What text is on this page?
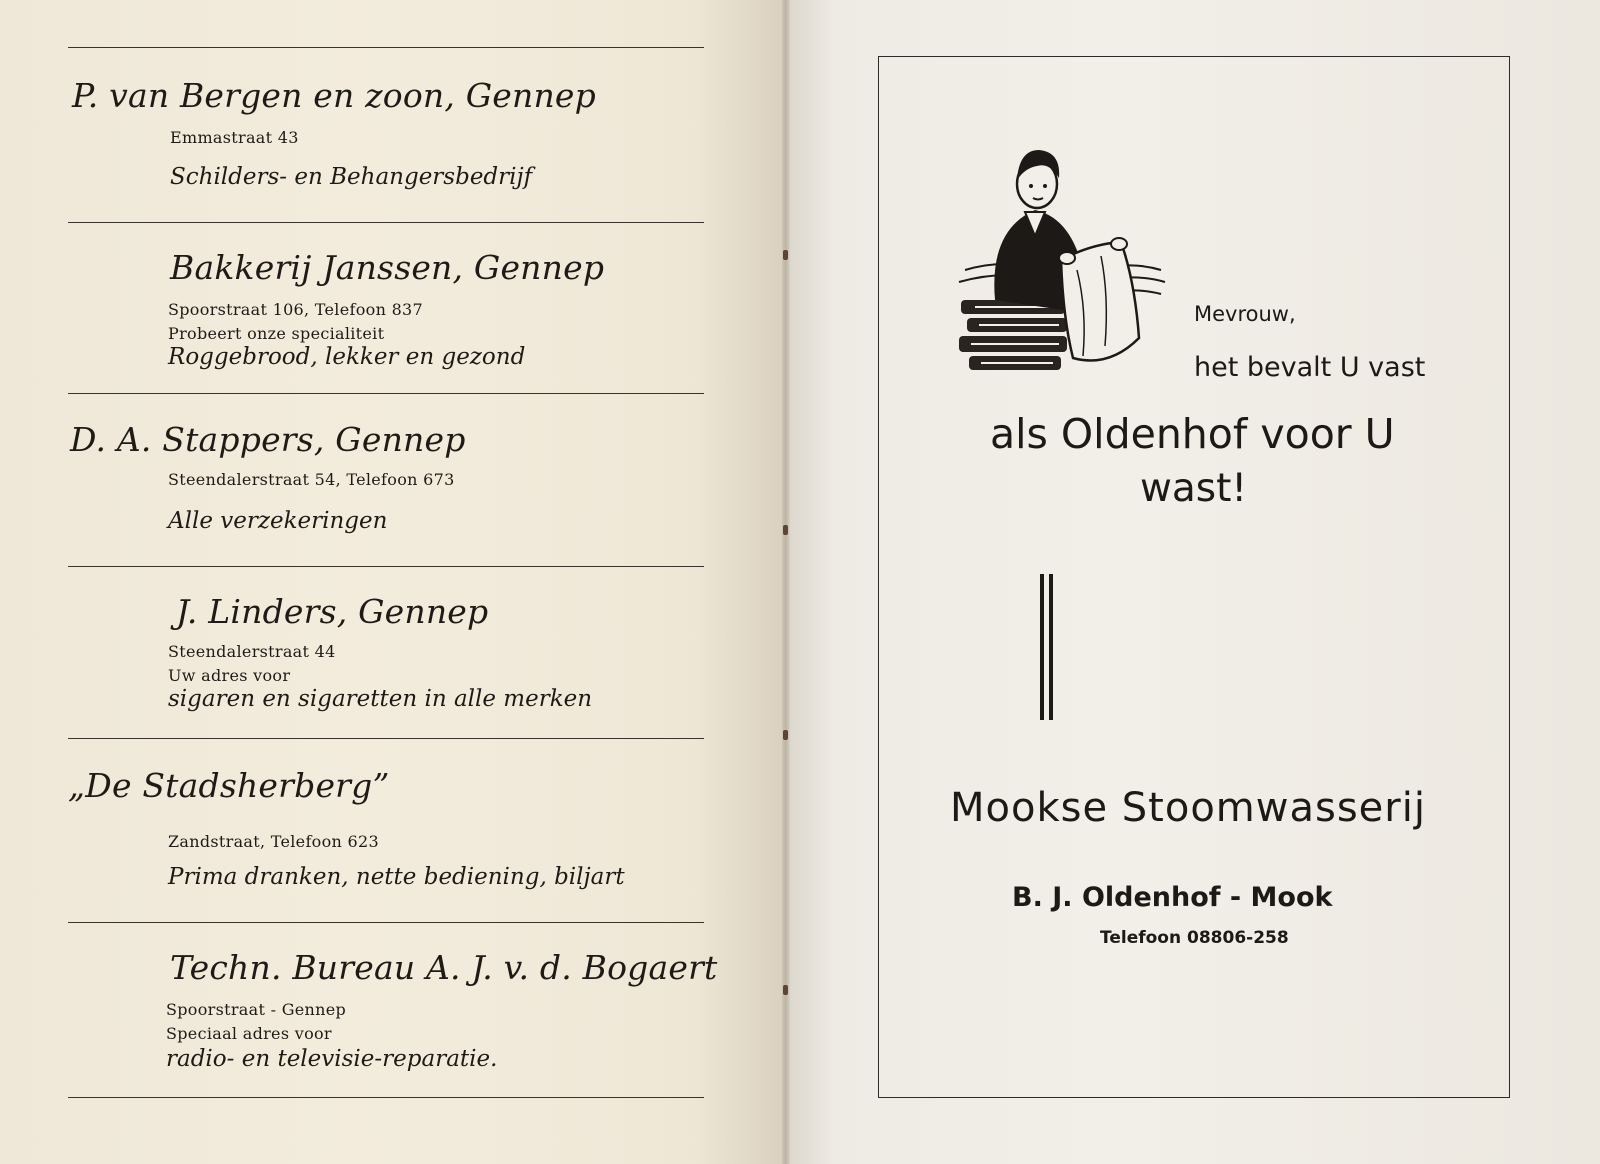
P. van Bergen en zoon, Gennep
Emmastraat 43
Schilders- en Behangersbedrijf
Bakkerij Janssen, Gennep
Spoorstraat 106, Telefoon 837
Probeert onze specialiteit
Roggebrood, lekker en gezond
D. A. Stappers, Gennep
Steendalerstraat 54, Telefoon 673
Alle verzekeringen
J. Linders, Gennep
Steendalerstraat 44
Uw adres voor
sigaren en sigaretten in alle merken
„De Stadsherberg”
Zandstraat, Telefoon 623
Prima dranken, nette bediening, biljart
Techn. Bureau A. J. v. d. Bogaert
Spoorstraat - Gennep
Speciaal adres voor
radio- en televisie-reparatie.
Mevrouw,
het bevalt U vast
als Oldenhof voor U
wast!
Mookse Stoomwasserij
B. J. Oldenhof - Mook
Telefoon 08806-258
